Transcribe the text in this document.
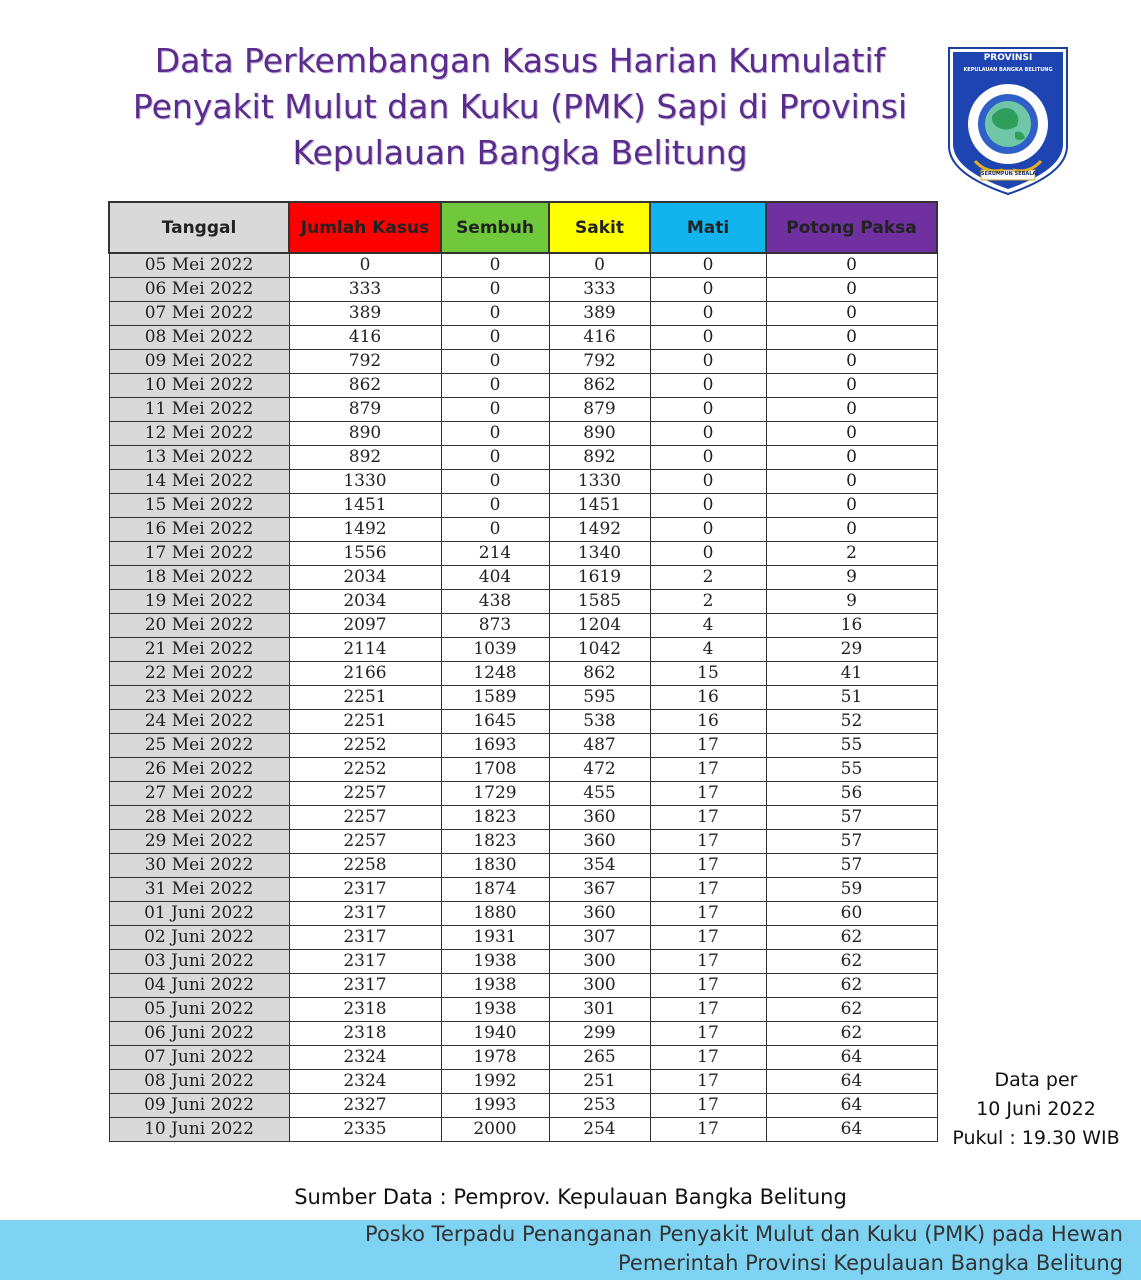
Data Perkembangan Kasus Harian Kumulatif
Penyakit Mulut dan Kuku (PMK) Sapi di Provinsi
Kepulauan Bangka Belitung
PROVINSI
KEPULAUAN BANGKA BELITUNG
SERUMPUN SEBALAI
Tanggal	Jumlah Kasus	Sembuh	Sakit	Mati	Potong Paksa
05 Mei 2022	0	0	0	0	0
06 Mei 2022	333	0	333	0	0
07 Mei 2022	389	0	389	0	0
08 Mei 2022	416	0	416	0	0
09 Mei 2022	792	0	792	0	0
10 Mei 2022	862	0	862	0	0
11 Mei 2022	879	0	879	0	0
12 Mei 2022	890	0	890	0	0
13 Mei 2022	892	0	892	0	0
14 Mei 2022	1330	0	1330	0	0
15 Mei 2022	1451	0	1451	0	0
16 Mei 2022	1492	0	1492	0	0
17 Mei 2022	1556	214	1340	0	2
18 Mei 2022	2034	404	1619	2	9
19 Mei 2022	2034	438	1585	2	9
20 Mei 2022	2097	873	1204	4	16
21 Mei 2022	2114	1039	1042	4	29
22 Mei 2022	2166	1248	862	15	41
23 Mei 2022	2251	1589	595	16	51
24 Mei 2022	2251	1645	538	16	52
25 Mei 2022	2252	1693	487	17	55
26 Mei 2022	2252	1708	472	17	55
27 Mei 2022	2257	1729	455	17	56
28 Mei 2022	2257	1823	360	17	57
29 Mei 2022	2257	1823	360	17	57
30 Mei 2022	2258	1830	354	17	57
31 Mei 2022	2317	1874	367	17	59
01 Juni 2022	2317	1880	360	17	60
02 Juni 2022	2317	1931	307	17	62
03 Juni 2022	2317	1938	300	17	62
04 Juni 2022	2317	1938	300	17	62
05 Juni 2022	2318	1938	301	17	62
06 Juni 2022	2318	1940	299	17	62
07 Juni 2022	2324	1978	265	17	64
08 Juni 2022	2324	1992	251	17	64
09 Juni 2022	2327	1993	253	17	64
10 Juni 2022	2335	2000	254	17	64
Data per
10 Juni 2022
Pukul : 19.30 WIB
Sumber Data : Pemprov. Kepulauan Bangka Belitung
Posko Terpadu Penanganan Penyakit Mulut dan Kuku (PMK) pada Hewan
Pemerintah Provinsi Kepulauan Bangka Belitung
